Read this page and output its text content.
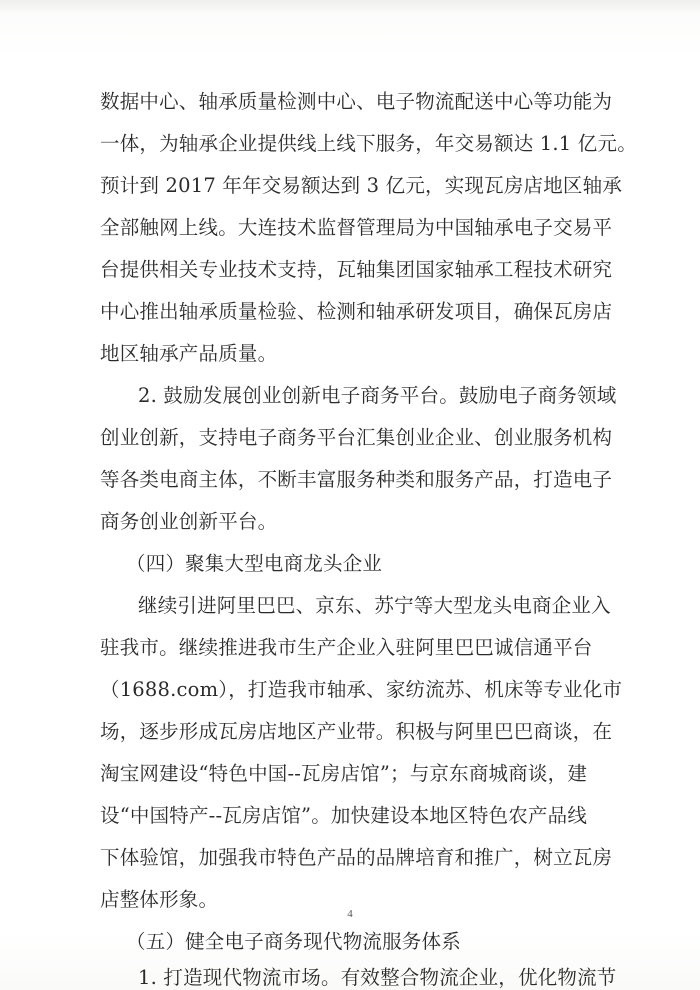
数据中心、轴承质量检测中心、电子物流配送中心等功能为
一体，为轴承企业提供线上线下服务，年交易额达 1.1 亿元。
预计到 2017 年年交易额达到 3 亿元，实现瓦房店地区轴承
全部触网上线。大连技术监督管理局为中国轴承电子交易平
台提供相关专业技术支持，瓦轴集团国家轴承工程技术研究
中心推出轴承质量检验、检测和轴承研发项目，确保瓦房店
地区轴承产品质量。
2. 鼓励发展创业创新电子商务平台。鼓励电子商务领域
创业创新，支持电子商务平台汇集创业企业、创业服务机构
等各类电商主体，不断丰富服务种类和服务产品，打造电子
商务创业创新平台。
（四）聚集大型电商龙头企业
继续引进阿里巴巴、京东、苏宁等大型龙头电商企业入
驻我市。继续推进我市生产企业入驻阿里巴巴诚信通平台
（1688.com），打造我市轴承、家纺流苏、机床等专业化市
场，逐步形成瓦房店地区产业带。积极与阿里巴巴商谈，在
淘宝网建设“特色中国--瓦房店馆”；与京东商城商谈，建
设“中国特产--瓦房店馆”。加快建设本地区特色农产品线
下体验馆，加强我市特色产品的品牌培育和推广，树立瓦房
店整体形象。
（五）健全电子商务现代物流服务体系
1. 打造现代物流市场。有效整合物流企业，优化物流节
4
